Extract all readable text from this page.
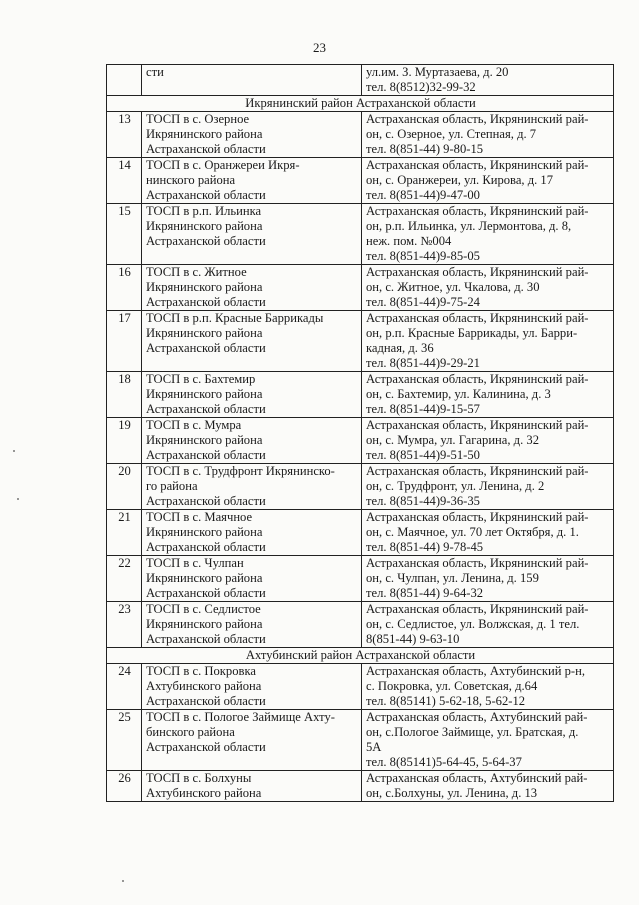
23

	сти	ул.им. З. Муртазаева, д. 20
тел. 8(8512)32-99-32

Икрянинский район Астраханской области		
13	ТОСП в с. Озерное
Икрянинского района
Астраханской области	Астраханская область, Икрянинский рай-
он, с. Озерное, ул. Степная, д. 7
тел. 8(851-44) 9-80-15

14	ТОСП в с. Оранжереи Икря-
нинского района
Астраханской области	Астраханская область, Икрянинский рай-
он, с. Оранжереи, ул. Кирова, д. 17
тел. 8(851-44)9-47-00

15	ТОСП в р.п. Ильинка
Икрянинского района
Астраханской области	Астраханская область, Икрянинский рай-
он, р.п. Ильинка, ул. Лермонтова, д. 8,
неж. пом. №004
тел. 8(851-44)9-85-05

16	ТОСП в с. Житное
Икрянинского района
Астраханской области	Астраханская область, Икрянинский рай-
он, с. Житное, ул. Чкалова, д. 30
тел. 8(851-44)9-75-24

17	ТОСП в р.п. Красные Баррикады
Икрянинского района
Астраханской области	Астраханская область, Икрянинский рай-
он, р.п. Красные Баррикады, ул. Барри-
кадная, д. 36
тел. 8(851-44)9-29-21

18	ТОСП в с. Бахтемир
Икрянинского района
Астраханской области	Астраханская область, Икрянинский рай-
он, с. Бахтемир, ул. Калинина, д. 3
тел. 8(851-44)9-15-57

19	ТОСП в с. Мумра
Икрянинского района
Астраханской области	Астраханская область, Икрянинский рай-
он, с. Мумра, ул. Гагарина, д. 32
тел. 8(851-44)9-51-50

20	ТОСП в с. Трудфронт Икрянинско-
го района
Астраханской области	Астраханская область, Икрянинский рай-
он, с. Трудфронт, ул. Ленина, д. 2
тел. 8(851-44)9-36-35

21	ТОСП в с. Маячное
Икрянинского района
Астраханской области	Астраханская область, Икрянинский рай-
он, с. Маячное, ул. 70 лет Октября, д. 1.
тел. 8(851-44) 9-78-45

22	ТОСП в с. Чулпан
Икрянинского района
Астраханской области	Астраханская область, Икрянинский рай-
он, с. Чулпан, ул. Ленина, д. 159
тел. 8(851-44) 9-64-32

23	ТОСП в с. Седлистое
Икрянинского района
Астраханской области	Астраханская область, Икрянинский рай-
он, с. Седлистое, ул. Волжская, д. 1 тел.
8(851-44) 9-63-10

Ахтубинский район Астраханской области		
24	ТОСП в с. Покровка
Ахтубинского района
Астраханской области	Астраханская область, Ахтубинский р-н,
с. Покровка, ул. Советская, д.64
тел. 8(85141) 5-62-18, 5-62-12

25	ТОСП в с. Пологое Займище Ахту-
бинского района
Астраханской области	Астраханская область, Ахтубинский рай-
он, с.Пологое Займище, ул. Братская, д.
5А
тел. 8(85141)5-64-45, 5-64-37

26	ТОСП в с. Болхуны
Ахтубинского района	Астраханская область, Ахтубинский рай-
он, с.Болхуны, ул. Ленина, д. 13
